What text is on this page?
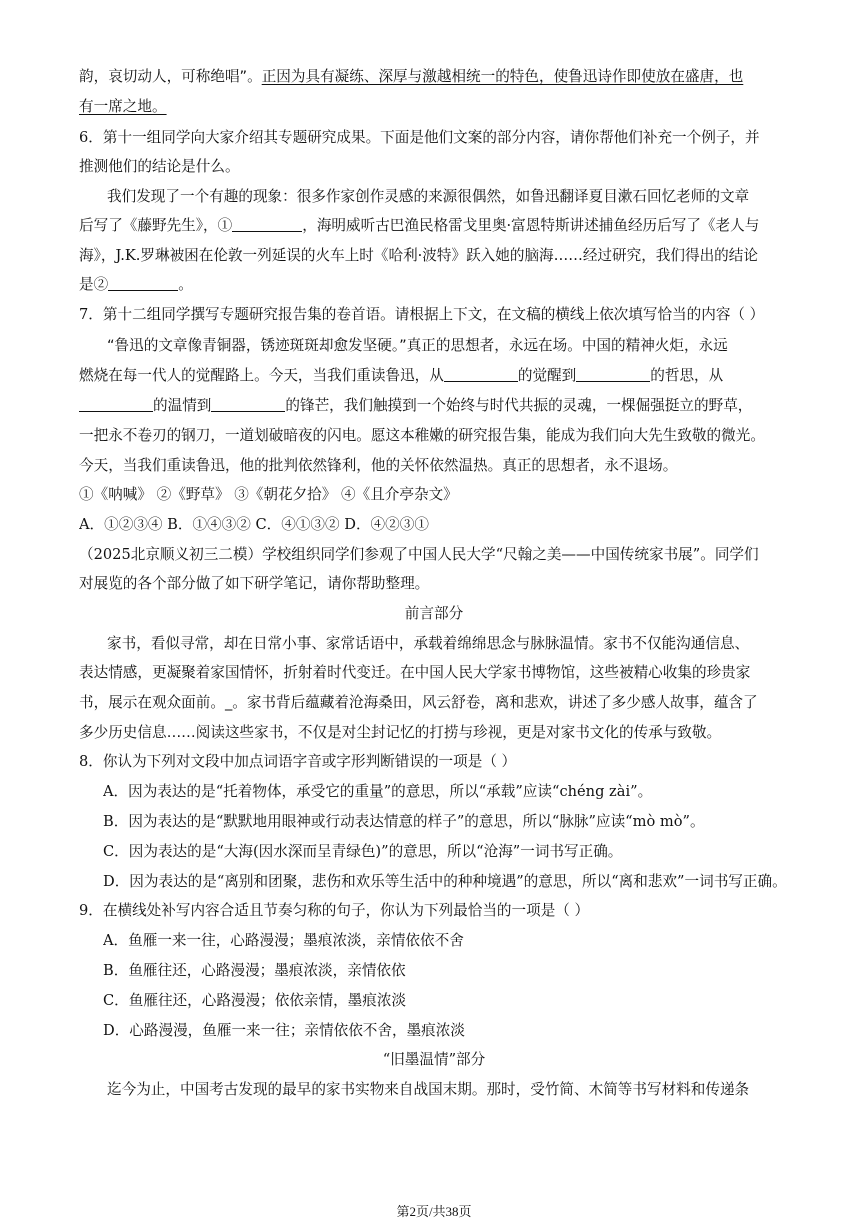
韵，哀切动人，可称绝唱”。正因为具有凝练、深厚与激越相统一的特色，使鲁迅诗作即使放在盛唐，也
有一席之地。
6．第十一组同学向大家介绍其专题研究成果。下面是他们文案的部分内容，请你帮他们补充一个例子，并
推测他们的结论是什么。
我们发现了一个有趣的现象：很多作家创作灵感的来源很偶然，如鲁迅翻译夏目漱石回忆老师的文章
后写了《藤野先生》，①	，海明威听古巴渔民格雷戈里奥·富恩特斯讲述捕鱼经历后写了《老人与
海》，J.K.罗琳被困在伦敦一列延误的火车上时《哈利·波特》跃入她的脑海……经过研究，我们得出的结论
是②	。
7．第十二组同学撰写专题研究报告集的卷首语。请根据上下文，在文稿的横线上依次填写恰当的内容（ ）
“鲁迅的文章像青铜器，锈迹斑斑却愈发坚硬。”真正的思想者，永远在场。中国的精神火炬，永远
燃烧在每一代人的觉醒路上。今天，当我们重读鲁迅，从	的觉醒到	的哲思，从
的温情到	的锋芒，我们触摸到一个始终与时代共振的灵魂，一棵倔强挺立的野草，
一把永不卷刃的钢刀，一道划破暗夜的闪电。愿这本稚嫩的研究报告集，能成为我们向大先生致敬的微光。
今天，当我们重读鲁迅，他的批判依然锋利，他的关怀依然温热。真正的思想者，永不退场。
①《呐喊》 ②《野草》 ③《朝花夕拾》 ④《且介亭杂文》
A．①②③④ B．①④③② C．④①③② D．④②③①
（2025北京顺义初三二模）学校组织同学们参观了中国人民大学“尺翰之美——中国传统家书展”。同学们
对展览的各个部分做了如下研学笔记，请你帮助整理。
前言部分
家书，看似寻常，却在日常小事、家常话语中，承载着绵绵思念与脉脉温情。家书不仅能沟通信息、
表达情感，更凝聚着家国情怀，折射着时代变迁。在中国人民大学家书博物馆，这些被精心收集的珍贵家
书，展示在观众面前。_。家书背后蕴藏着沧海桑田，风云舒卷，离和悲欢，讲述了多少感人故事，蕴含了
多少历史信息……阅读这些家书，不仅是对尘封记忆的打捞与珍视，更是对家书文化的传承与致敬。
8．你认为下列对文段中加点词语字音或字形判断错误的一项是（ ）
A．因为表达的是“托着物体，承受它的重量”的意思，所以“承载”应读“chéng zài”。
B．因为表达的是“默默地用眼神或行动表达情意的样子”的意思，所以“脉脉”应读“mò mò”。
C．因为表达的是“大海(因水深而呈青绿色)”的意思，所以“沧海”一词书写正确。
D．因为表达的是“离别和团聚，悲伤和欢乐等生活中的种种境遇”的意思，所以“离和悲欢”一词书写正确。
9．在横线处补写内容合适且节奏匀称的句子，你认为下列最恰当的一项是（ ）
A．鱼雁一来一往，心路漫漫；墨痕浓淡，亲情依依不舍
B．鱼雁往还，心路漫漫；墨痕浓淡，亲情依依
C．鱼雁往还，心路漫漫；依依亲情，墨痕浓淡
D．心路漫漫，鱼雁一来一往；亲情依依不舍，墨痕浓淡
“旧墨温情”部分
迄今为止，中国考古发现的最早的家书实物来自战国末期。那时，受竹简、木简等书写材料和传递条
第2页/共38页
